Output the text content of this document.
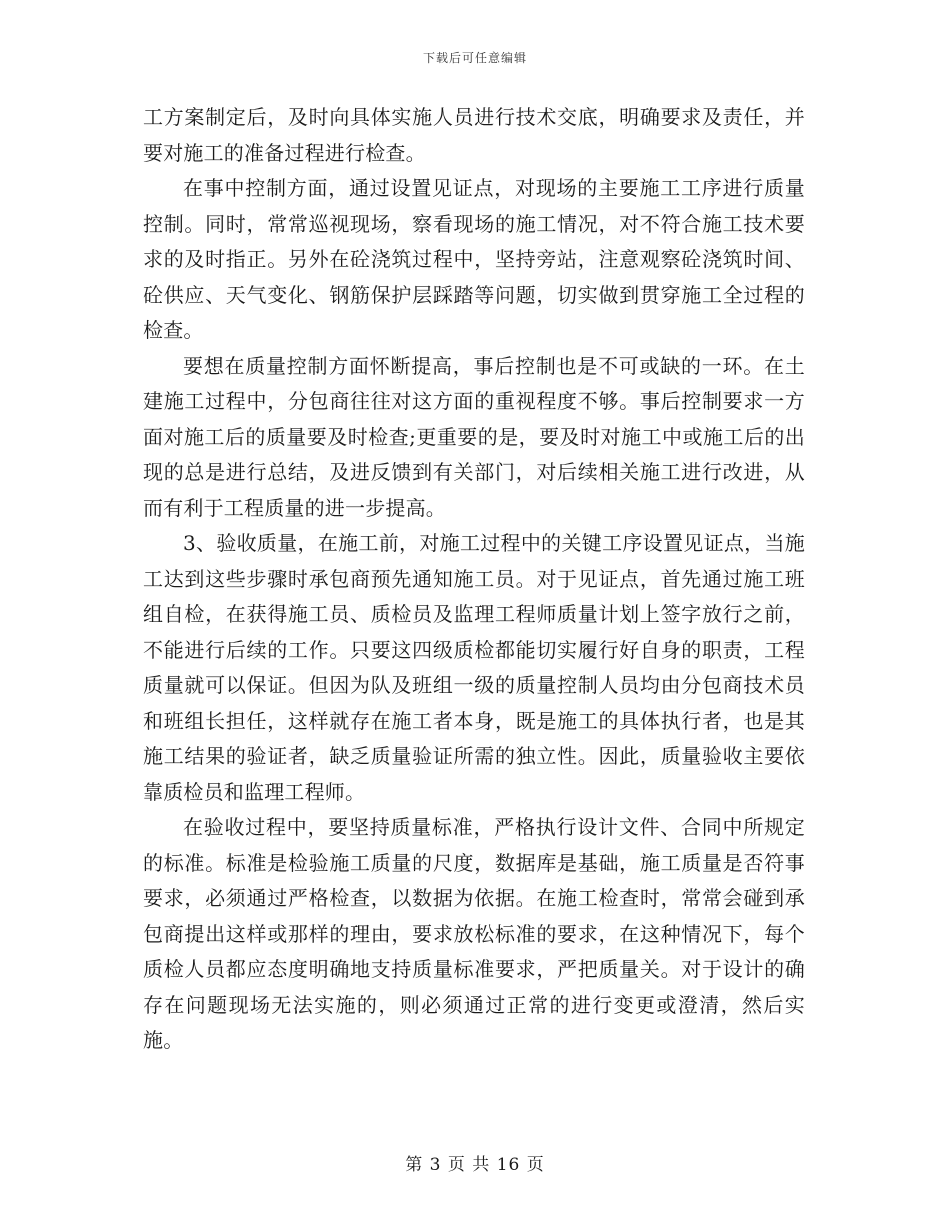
下载后可任意编辑

工方案制定后，及时向具体实施人员进行技术交底，明确要求及责任，并要对施工的准备过程进行检查。

在事中控制方面，通过设置见证点，对现场的主要施工工序进行质量控制。同时，常常巡视现场，察看现场的施工情况，对不符合施工技术要求的及时指正。另外在砼浇筑过程中，坚持旁站，注意观察砼浇筑时间、砼供应、天气变化、钢筋保护层踩踏等问题，切实做到贯穿施工全过程的检查。

要想在质量控制方面怀断提高，事后控制也是不可或缺的一环。在土建施工过程中，分包商往往对这方面的重视程度不够。事后控制要求一方面对施工后的质量要及时检查;更重要的是，要及时对施工中或施工后的出现的总是进行总结，及进反馈到有关部门，对后续相关施工进行改进，从而有利于工程质量的进一步提高。

3、验收质量，在施工前，对施工过程中的关键工序设置见证点，当施工达到这些步骤时承包商预先通知施工员。对于见证点，首先通过施工班组自检，在获得施工员、质检员及监理工程师质量计划上签字放行之前，不能进行后续的工作。只要这四级质检都能切实履行好自身的职责，工程质量就可以保证。但因为队及班组一级的质量控制人员均由分包商技术员和班组长担任，这样就存在施工者本身，既是施工的具体执行者，也是其施工结果的验证者，缺乏质量验证所需的独立性。因此，质量验收主要依靠质检员和监理工程师。

在验收过程中，要坚持质量标准，严格执行设计文件、合同中所规定的标准。标准是检验施工质量的尺度，数据库是基础，施工质量是否符事要求，必须通过严格检查，以数据为依据。在施工检查时，常常会碰到承包商提出这样或那样的理由，要求放松标准的要求，在这种情况下，每个质检人员都应态度明确地支持质量标准要求，严把质量关。对于设计的确存在问题现场无法实施的，则必须通过正常的进行变更或澄清，然后实施。

第 3 页 共 16 页
